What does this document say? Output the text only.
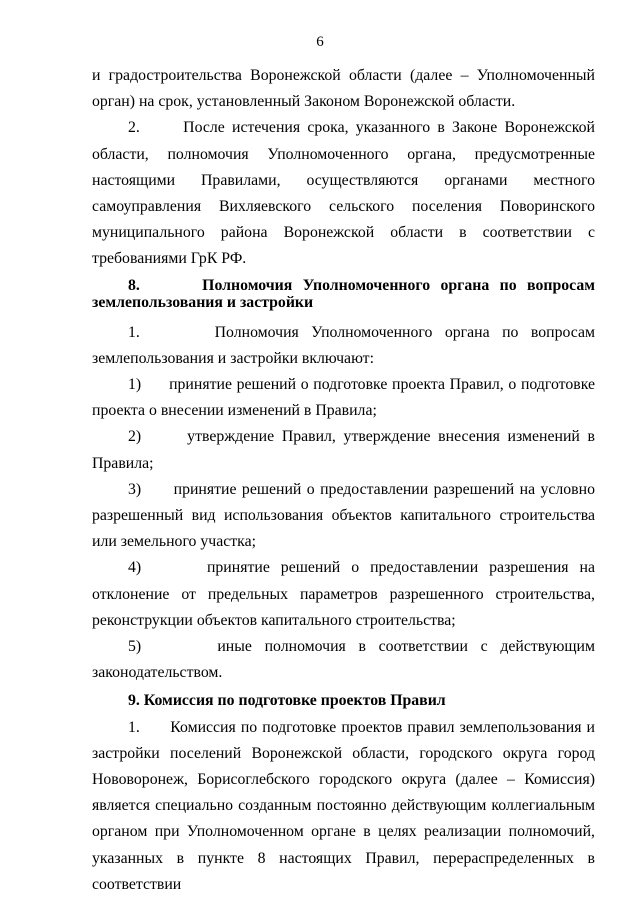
6

и градостроительства Воронежской области (далее – Уполномоченный орган) на срок, установленный Законом Воронежской области.

2.      После истечения срока, указанного в Законе Воронежской области, полномочия Уполномоченного органа, предусмотренные настоящими Правилами, осуществляются органами местного самоуправления Вихляевского сельского поселения Поворинского муниципального района Воронежской области в соответствии с требованиями ГрК РФ.

8.      Полномочия Уполномоченного органа по вопросам землепользования и застройки

1.      Полномочия Уполномоченного органа по вопросам землепользования и застройки включают:

1)      принятие решений о подготовке проекта Правил, о подготовке проекта о внесении изменений в Правила;

2)      утверждение Правил, утверждение внесения изменений в Правила;

3)      принятие решений о предоставлении разрешений на условно разрешенный вид использования объектов капитального строительства или земельного участка;

4)      принятие решений о предоставлении разрешения на отклонение от предельных параметров разрешенного строительства, реконструкции объектов капитального строительства;

5)      иные полномочия в соответствии с действующим законодательством.

9. Комиссия по подготовке проектов Правил

1.      Комиссия по подготовке проектов правил землепользования и застройки поселений Воронежской области, городского округа город Нововоронеж, Борисоглебского городского округа (далее – Комиссия) является специально созданным постоянно действующим коллегиальным органом при Уполномоченном органе в целях реализации полномочий, указанных в пункте 8 настоящих Правил, перераспределенных в соответствии
